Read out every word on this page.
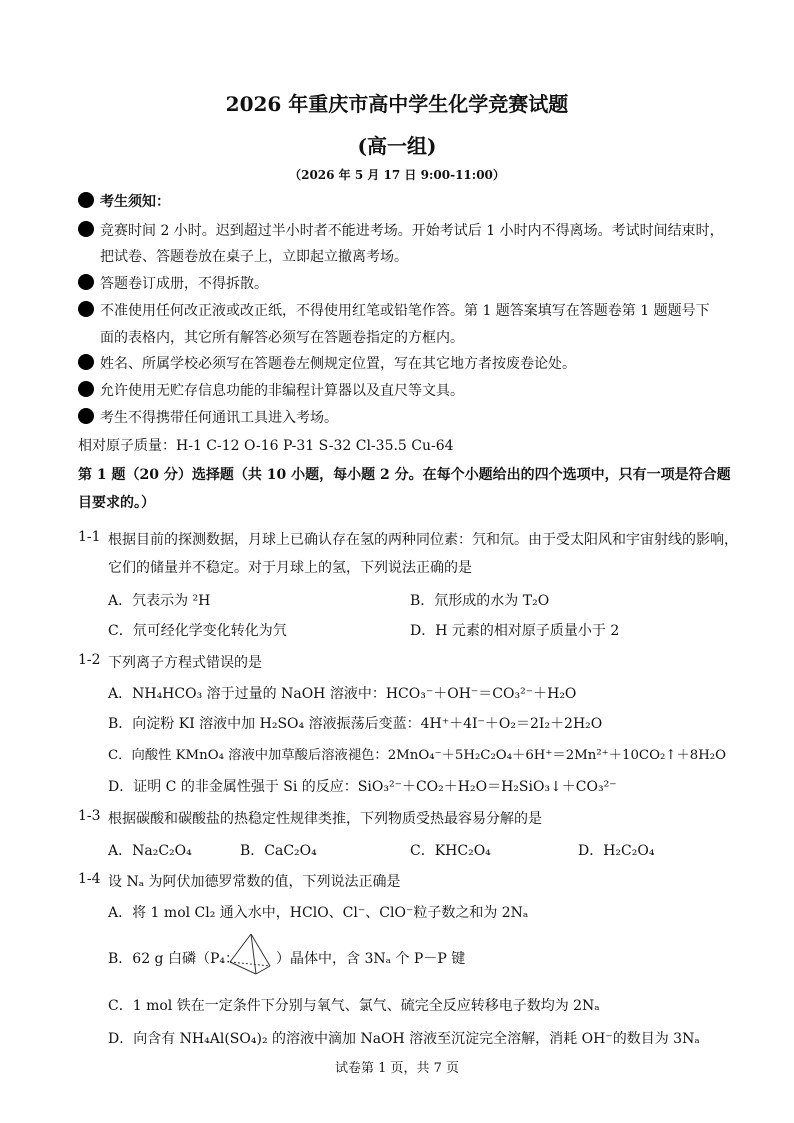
2026 年重庆市高中学生化学竞赛试题
(高一组)
（2026 年 5 月 17 日 9:00-11:00）
考生须知：
竞赛时间 2 小时。迟到超过半小时者不能进考场。开始考试后 1 小时内不得离场。考试时间结束时，
把试卷、答题卷放在桌子上，立即起立撤离考场。
答题卷订成册，不得拆散。
不准使用任何改正液或改正纸，不得使用红笔或铅笔作答。第 1 题答案填写在答题卷第 1 题题号下
面的表格内，其它所有解答必须写在答题卷指定的方框内。
姓名、所属学校必须写在答题卷左侧规定位置，写在其它地方者按废卷论处。
允许使用无贮存信息功能的非编程计算器以及直尺等文具。
考生不得携带任何通讯工具进入考场。
相对原子质量：H-1 C-12 O-16 P-31 S-32 Cl-35.5 Cu-64
第 1 题（20 分）选择题（共 10 小题，每小题 2 分。在每个小题给出的四个选项中，只有一项是符合题
目要求的。）
1-1 根据目前的探测数据，月球上已确认存在氢的两种同位素：氕和氘。由于受太阳风和宇宙射线的影响，
它们的储量并不稳定。对于月球上的氢，下列说法正确的是
A．氕表示为 ²H	B．氘形成的水为 T₂O
C．氘可经化学变化转化为氕	D．H 元素的相对原子质量小于 2
1-2 下列离子方程式错误的是
A．NH₄HCO₃ 溶于过量的 NaOH 溶液中：HCO₃⁻＋OH⁻＝CO₃²⁻＋H₂O
B．向淀粉 KI 溶液中加 H₂SO₄ 溶液振荡后变蓝：4H⁺＋4I⁻＋O₂＝2I₂＋2H₂O
C．向酸性 KMnO₄ 溶液中加草酸后溶液褪色：2MnO₄⁻＋5H₂C₂O₄＋6H⁺＝2Mn²⁺＋10CO₂↑＋8H₂O
D．证明 C 的非金属性强于 Si 的反应：SiO₃²⁻＋CO₂＋H₂O＝H₂SiO₃↓＋CO₃²⁻
1-3 根据碳酸和碳酸盐的热稳定性规律类推，下列物质受热最容易分解的是
A．Na₂C₂O₄	B．CaC₂O₄	C．KHC₂O₄	D．H₂C₂O₄
1-4 设 Nₐ 为阿伏加德罗常数的值，下列说法正确是
A．将 1 mol Cl₂ 通入水中，HClO、Cl⁻、ClO⁻粒子数之和为 2Nₐ
B．62 g 白磷（P₄：	）晶体中，含 3Nₐ 个 P－P 键
C．1 mol 铁在一定条件下分别与氧气、氯气、硫完全反应转移电子数均为 2Nₐ
D．向含有 NH₄Al(SO₄)₂ 的溶液中滴加 NaOH 溶液至沉淀完全溶解，消耗 OH⁻的数目为 3Nₐ
试卷第 1 页，共 7 页
